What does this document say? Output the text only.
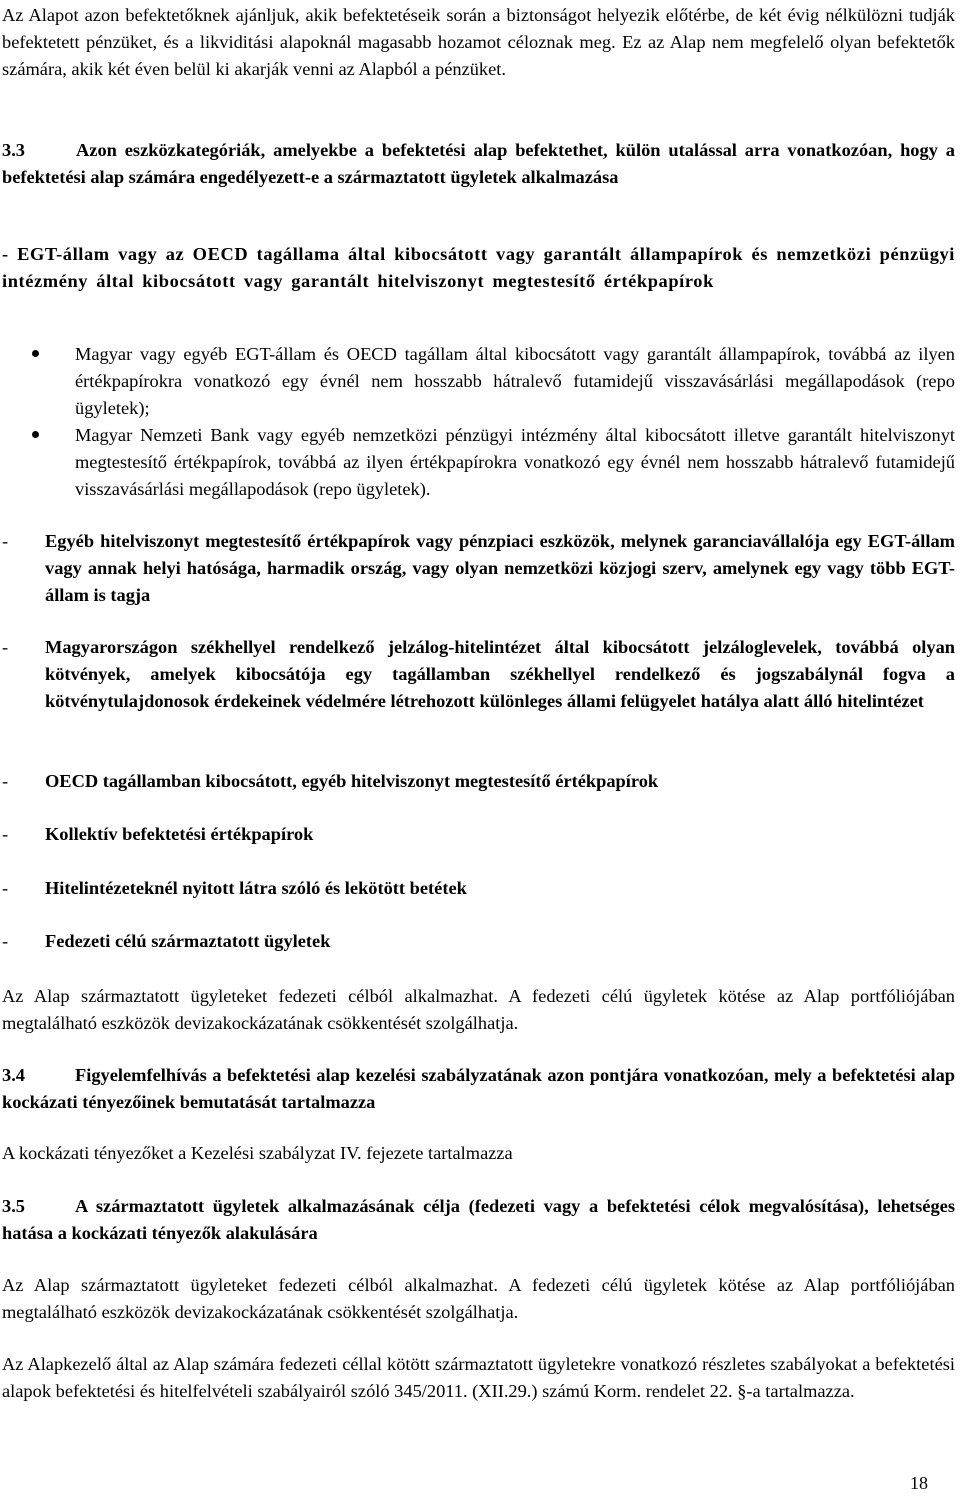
Az Alapot azon befektetőknek ajánljuk, akik befektetéseik során a biztonságot helyezik előtérbe, de két évig nélkülözni tudják befektetett pénzüket, és a likviditási alapoknál magasabb hozamot céloznak meg. Ez az Alap nem megfelelő olyan befektetők számára, akik két éven belül ki akarják venni az Alapból a pénzüket.

3.3	Azon eszközkategóriák, amelyekbe a befektetési alap befektethet, külön utalással arra vonatkozóan, hogy a befektetési alap számára engedélyezett-e a származtatott ügyletek alkalmazása

- EGT-állam vagy az OECD tagállama által kibocsátott vagy garantált állampapírok és nemzetközi pénzügyi intézmény által kibocsátott vagy garantált hitelviszonyt megtestesítő értékpapírok

Magyar vagy egyéb EGT-állam és OECD tagállam által kibocsátott vagy garantált állampapírok, továbbá az ilyen értékpapírokra vonatkozó egy évnél nem hosszabb hátralevő futamidejű visszavásárlási megállapodások (repo ügyletek);
Magyar Nemzeti Bank vagy egyéb nemzetközi pénzügyi intézmény által kibocsátott illetve garantált hitelviszonyt megtestesítő értékpapírok, továbbá az ilyen értékpapírokra vonatkozó egy évnél nem hosszabb hátralevő futamidejű visszavásárlási megállapodások (repo ügyletek).
-	Egyéb hitelviszonyt megtestesítő értékpapírok vagy pénzpiaci eszközök, melynek garanciavállalója egy EGT-állam vagy annak helyi hatósága, harmadik ország, vagy olyan nemzetközi közjogi szerv, amelynek egy vagy több EGT-állam is tagja
-	Magyarországon székhellyel rendelkező jelzálog-hitelintézet által kibocsátott jelzáloglevelek, továbbá olyan kötvények, amelyek kibocsátója egy tagállamban székhellyel rendelkező és jogszabálynál fogva a kötvénytulajdonosok érdekeinek védelmére létrehozott különleges állami felügyelet hatálya alatt álló hitelintézet
-	OECD tagállamban kibocsátott, egyéb hitelviszonyt megtestesítő értékpapírok
-	Kollektív befektetési értékpapírok
-	Hitelintézeteknél nyitott látra szóló és lekötött betétek
-	Fedezeti célú származtatott ügyletek

Az Alap származtatott ügyleteket fedezeti célból alkalmazhat. A fedezeti célú ügyletek kötése az Alap portfóliójában megtalálható eszközök devizakockázatának csökkentését szolgálhatja.

3.4	Figyelemfelhívás a befektetési alap kezelési szabályzatának azon pontjára vonatkozóan, mely a befektetési alap kockázati tényezőinek bemutatását tartalmazza

A kockázati tényezőket a Kezelési szabályzat IV. fejezete tartalmazza

3.5	A származtatott ügyletek alkalmazásának célja (fedezeti vagy a befektetési célok megvalósítása), lehetséges hatása a kockázati tényezők alakulására

Az Alap származtatott ügyleteket fedezeti célból alkalmazhat. A fedezeti célú ügyletek kötése az Alap portfóliójában megtalálható eszközök devizakockázatának csökkentését szolgálhatja.

Az Alapkezelő által az Alap számára fedezeti céllal kötött származtatott ügyletekre vonatkozó részletes szabályokat a befektetési alapok befektetési és hitelfelvételi szabályairól szóló 345/2011. (XII.29.) számú Korm. rendelet 22. §-a tartalmazza.

18
